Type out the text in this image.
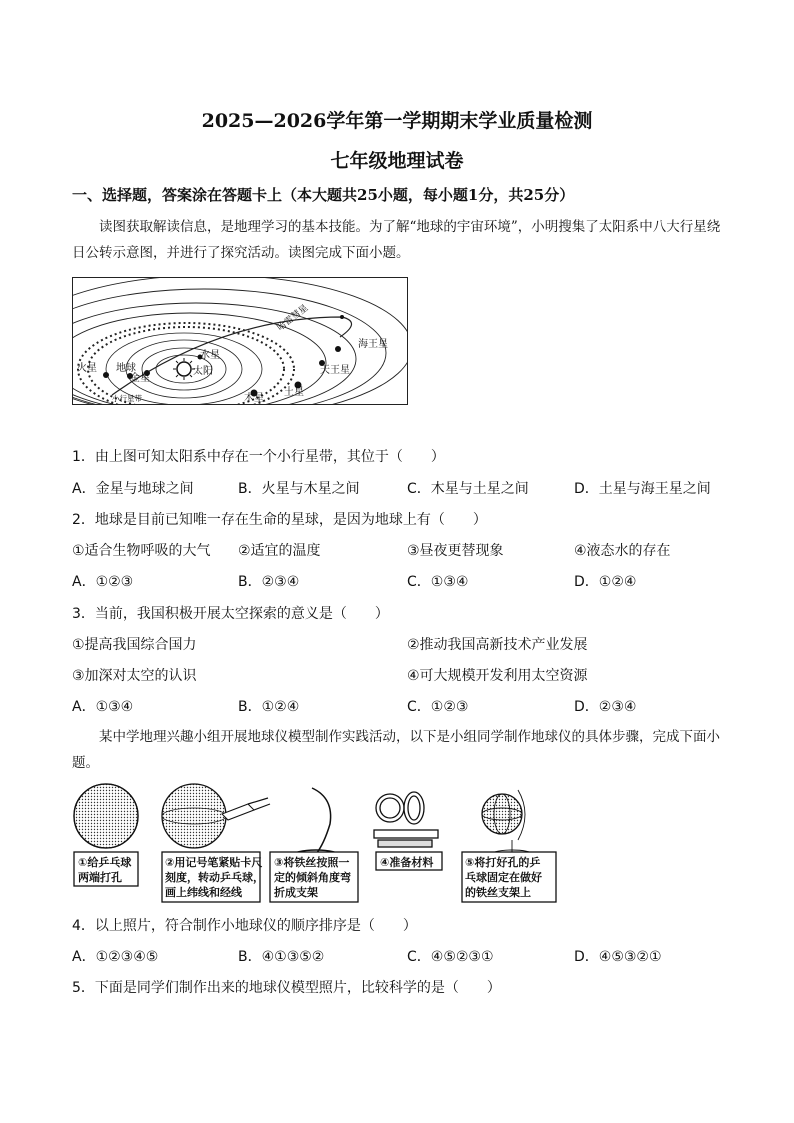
2025—2026学年第一学期期末学业质量检测
七年级地理试卷
一、选择题，答案涂在答题卡上（本大题共25小题，每小题1分，共25分）
读图获取解读信息，是地理学习的基本技能。为了解“地球的宇宙环境”，小明搜集了太阳系中八大行星绕日公转示意图，并进行了探究活动。读图完成下面小题。
水星
太阳
金星
地球
火星
木星
土星
天王星
海王星
小行星带
哈雷彗星
1．由上图可知太阳系中存在一个小行星带，其位于（　　）
A．金星与地球之间	B．火星与木星之间	C．木星与土星之间	D．土星与海王星之间
2．地球是目前已知唯一存在生命的星球，是因为地球上有（　　）
①适合生物呼吸的大气 ②适宜的温度	③昼夜更替现象	④液态水的存在
A．①②③	B．②③④	C．①③④	D．①②④
3．当前，我国积极开展太空探索的意义是（　　）
①提高我国综合国力	②推动我国高新技术产业发展
③加深对太空的认识	④可大规模开发利用太空资源
A．①③④	B．①②④	C．①②③	D．②③④
某中学地理兴趣小组开展地球仪模型制作实践活动，以下是小组同学制作地球仪的具体步骤，完成下面小题。
①给乒乓球
两端打孔
②用记号笔紧贴卡尺
刻度，转动乒乓球，
画上纬线和经线
③将铁丝按照一
定的倾斜角度弯
折成支架
④准备材料	⑤将打好孔的乒
乓球固定在做好
的铁丝支架上
4．以上照片，符合制作小地球仪的顺序排序是（　　）
A．①②③④⑤	B．④①③⑤②	C．④⑤②③①	D．④⑤③②①
5．下面是同学们制作出来的地球仪模型照片，比较科学的是（　　）
